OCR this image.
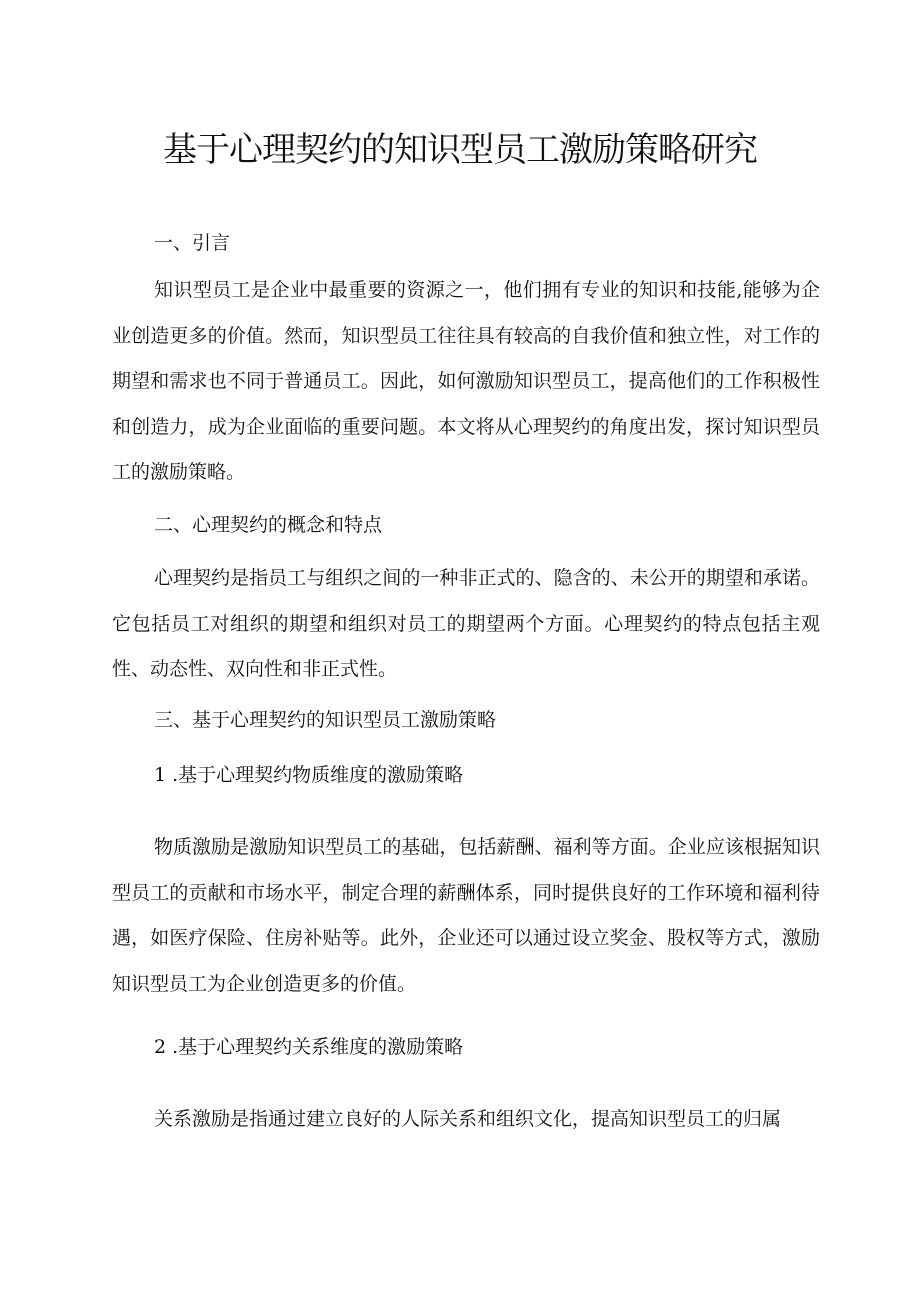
基于心理契约的知识型员工激励策略研究

一、引言

知识型员工是企业中最重要的资源之一，他们拥有专业的知识和技能,能够为企业创造更多的价值。然而，知识型员工往往具有较高的自我价值和独立性，对工作的期望和需求也不同于普通员工。因此，如何激励知识型员工，提高他们的工作积极性和创造力，成为企业面临的重要问题。本文将从心理契约的角度出发，探讨知识型员工的激励策略。

二、心理契约的概念和特点

心理契约是指员工与组织之间的一种非正式的、隐含的、未公开的期望和承诺。它包括员工对组织的期望和组织对员工的期望两个方面。心理契约的特点包括主观性、动态性、双向性和非正式性。

三、基于心理契约的知识型员工激励策略

1 .基于心理契约物质维度的激励策略

物质激励是激励知识型员工的基础，包括薪酬、福利等方面。企业应该根据知识型员工的贡献和市场水平，制定合理的薪酬体系，同时提供良好的工作环境和福利待遇，如医疗保险、住房补贴等。此外，企业还可以通过设立奖金、股权等方式，激励知识型员工为企业创造更多的价值。

2 .基于心理契约关系维度的激励策略

关系激励是指通过建立良好的人际关系和组织文化，提高知识型员工的归属
